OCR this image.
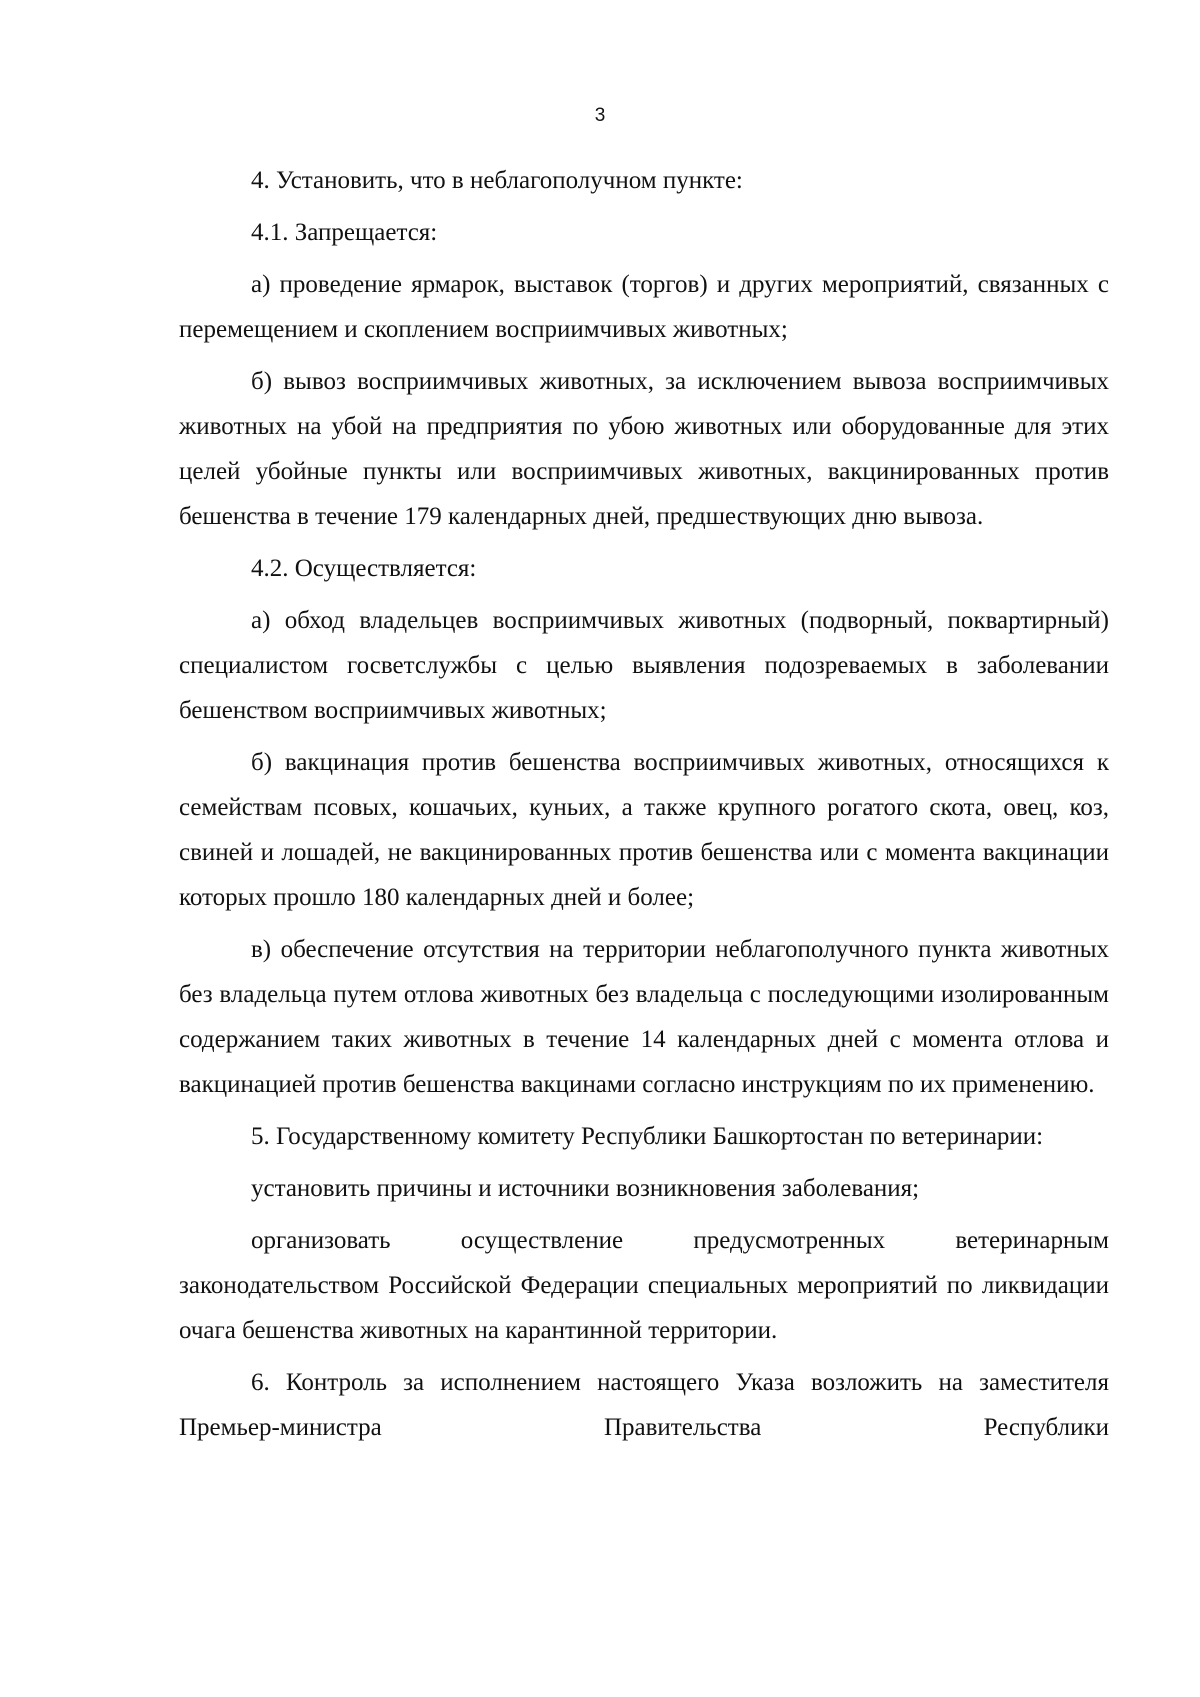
3

4. Установить, что в неблагополучном пункте:

4.1. Запрещается:

а) проведение ярмарок, выставок (торгов) и других мероприятий, связанных с перемещением и скоплением восприимчивых животных;

б) вывоз восприимчивых животных, за исключением вывоза восприимчивых животных на убой на предприятия по убою животных или оборудованные для этих целей убойные пункты или восприимчивых животных, вакцинированных против бешенства в течение 179 календарных дней, предшествующих дню вывоза.

4.2. Осуществляется:

а) обход владельцев восприимчивых животных (подворный, поквартирный) специалистом госветслужбы с целью выявления подозреваемых в заболевании бешенством восприимчивых животных;

б) вакцинация против бешенства восприимчивых животных, относящихся к семействам псовых, кошачьих, куньих, а также крупного рогатого скота, овец, коз, свиней и лошадей, не вакцинированных против бешенства или с момента вакцинации которых прошло 180 календарных дней и более;

в) обеспечение отсутствия на территории неблагополучного пункта животных без владельца путем отлова животных без владельца с последующими изолированным содержанием таких животных в течение 14 календарных дней с момента отлова и вакцинацией против бешенства вакцинами согласно инструкциям по их применению.

5. Государственному комитету Республики Башкортостан по ветеринарии:

установить причины и источники возникновения заболевания;

организовать осуществление предусмотренных ветеринарным законодательством Российской Федерации специальных мероприятий по ликвидации очага бешенства животных на карантинной территории.

6. Контроль за исполнением настоящего Указа возложить на заместителя Премьер-министра Правительства Республики
